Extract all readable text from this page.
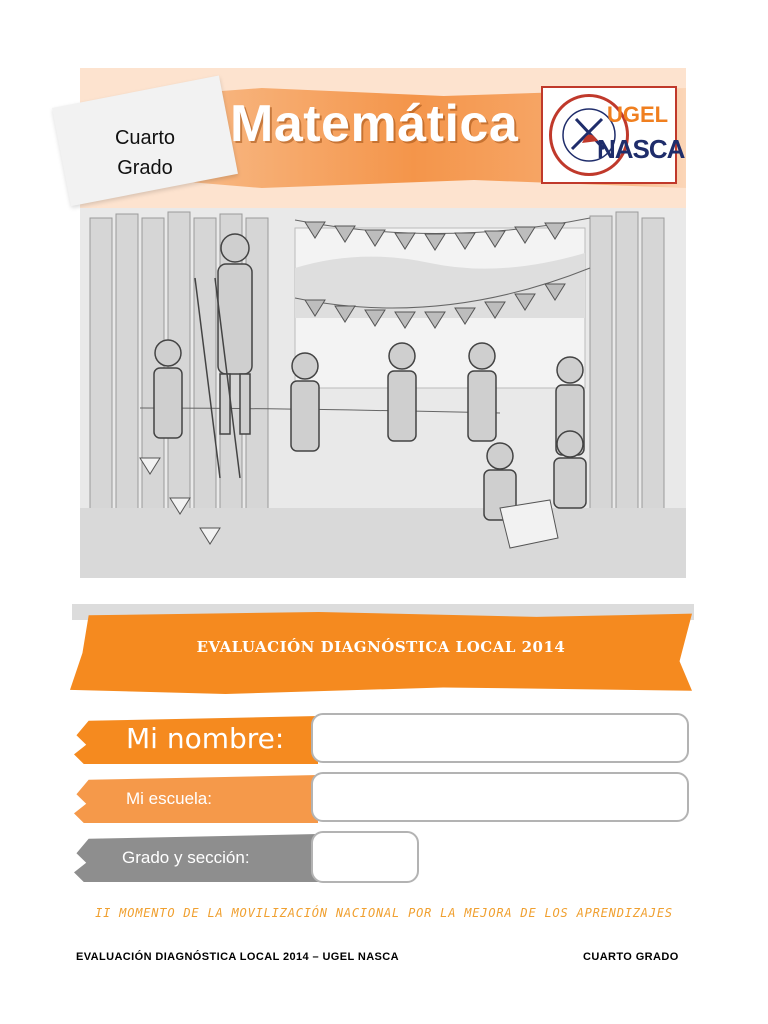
Matemática
Cuarto
Grado
UGEL
NASCA
EVALUACIÓN DIAGNÓSTICA LOCAL 2014
Mi nombre:
Mi escuela:
Grado y sección:
II MOMENTO DE LA MOVILIZACIÓN NACIONAL POR LA MEJORA DE LOS APRENDIZAJES
EVALUACIÓN DIAGNÓSTICA LOCAL 2014 – UGEL NASCA	CUARTO GRADO
